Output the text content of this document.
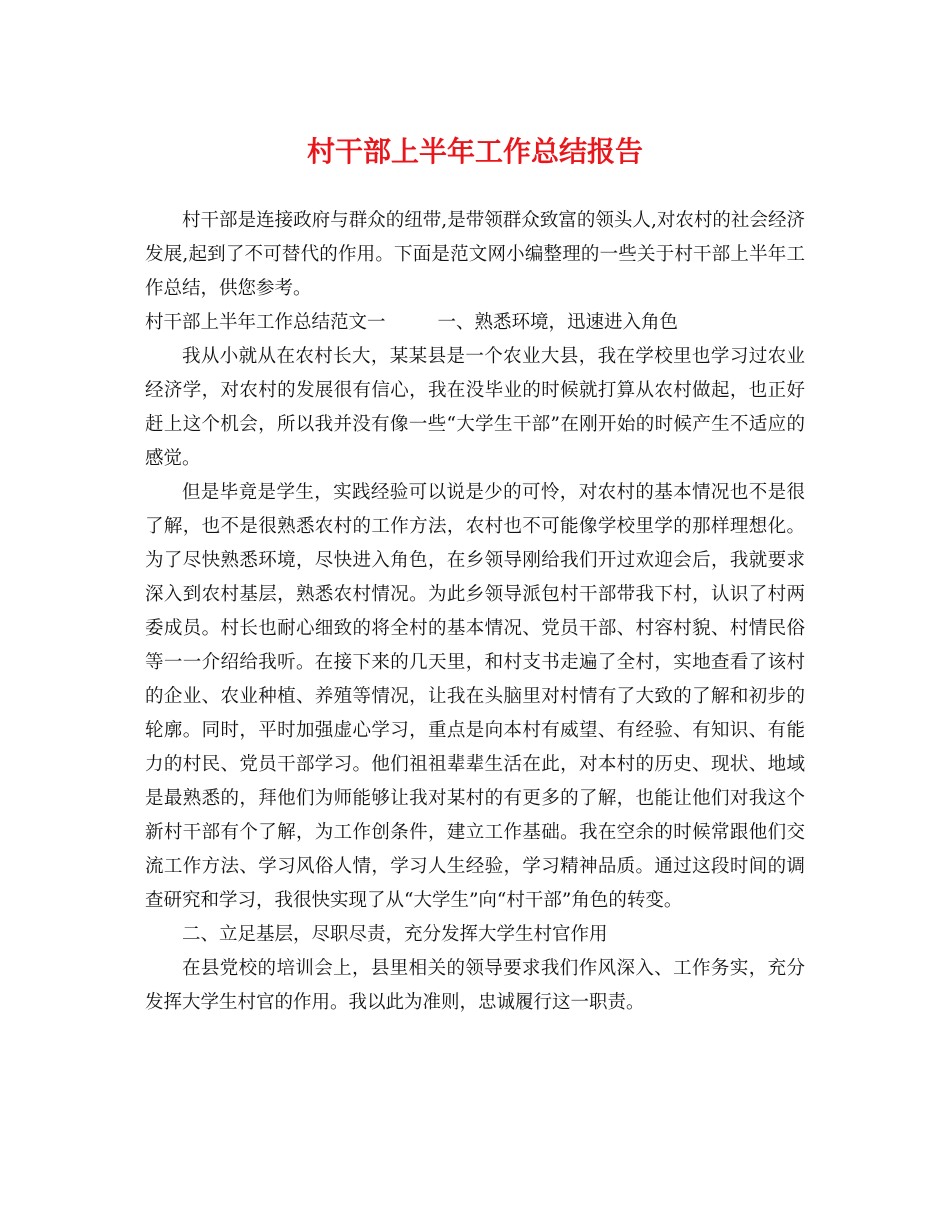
村干部上半年工作总结报告

村干部是连接政府与群众的纽带,是带领群众致富的领头人,对农村的社会经济发展,起到了不可替代的作用。下面是范文网小编整理的一些关于村干部上半年工作总结，供您参考。

村干部上半年工作总结范文一	一、熟悉环境，迅速进入角色

我从小就从在农村长大，某某县是一个农业大县，我在学校里也学习过农业经济学，对农村的发展很有信心，我在没毕业的时候就打算从农村做起，也正好赶上这个机会，所以我并没有像一些“大学生干部”在刚开始的时候产生不适应的感觉。

但是毕竟是学生，实践经验可以说是少的可怜，对农村的基本情况也不是很了解，也不是很熟悉农村的工作方法，农村也不可能像学校里学的那样理想化。为了尽快熟悉环境，尽快进入角色，在乡领导刚给我们开过欢迎会后，我就要求深入到农村基层，熟悉农村情况。为此乡领导派包村干部带我下村，认识了村两委成员。村长也耐心细致的将全村的基本情况、党员干部、村容村貌、村情民俗等一一介绍给我听。在接下来的几天里，和村支书走遍了全村，实地查看了该村的企业、农业种植、养殖等情况，让我在头脑里对村情有了大致的了解和初步的轮廓。同时，平时加强虚心学习，重点是向本村有威望、有经验、有知识、有能力的村民、党员干部学习。他们祖祖辈辈生活在此，对本村的历史、现状、地域是最熟悉的，拜他们为师能够让我对某村的有更多的了解，也能让他们对我这个新村干部有个了解，为工作创条件，建立工作基础。我在空余的时候常跟他们交流工作方法、学习风俗人情，学习人生经验，学习精神品质。通过这段时间的调查研究和学习，我很快实现了从“大学生”向“村干部”角色的转变。

二、立足基层，尽职尽责，充分发挥大学生村官作用

在县党校的培训会上，县里相关的领导要求我们作风深入、工作务实，充分发挥大学生村官的作用。我以此为准则，忠诚履行这一职责。
